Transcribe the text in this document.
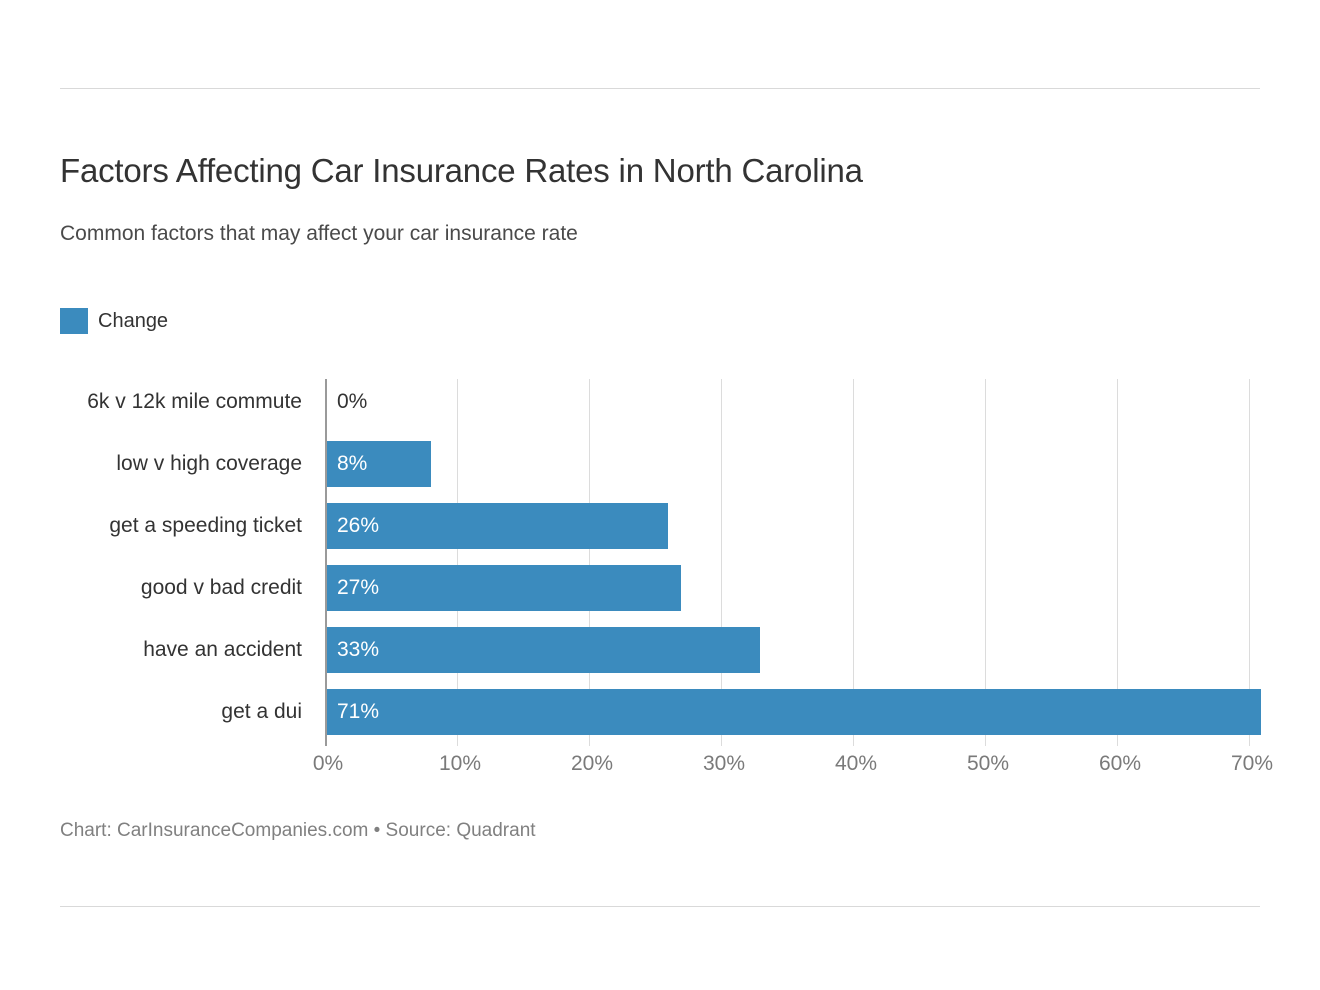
Factors Affecting Car Insurance Rates in North Carolina
Common factors that may affect your car insurance rate
Change
6k v 12k mile commute
low v high coverage
get a speeding ticket
good v bad credit
have an accident
get a dui
0%
8%
26%
27%
33%
71%
0%	10%	20%	30%	40%	50%	60%	70%
Chart: CarInsuranceCompanies.com • Source: Quadrant
